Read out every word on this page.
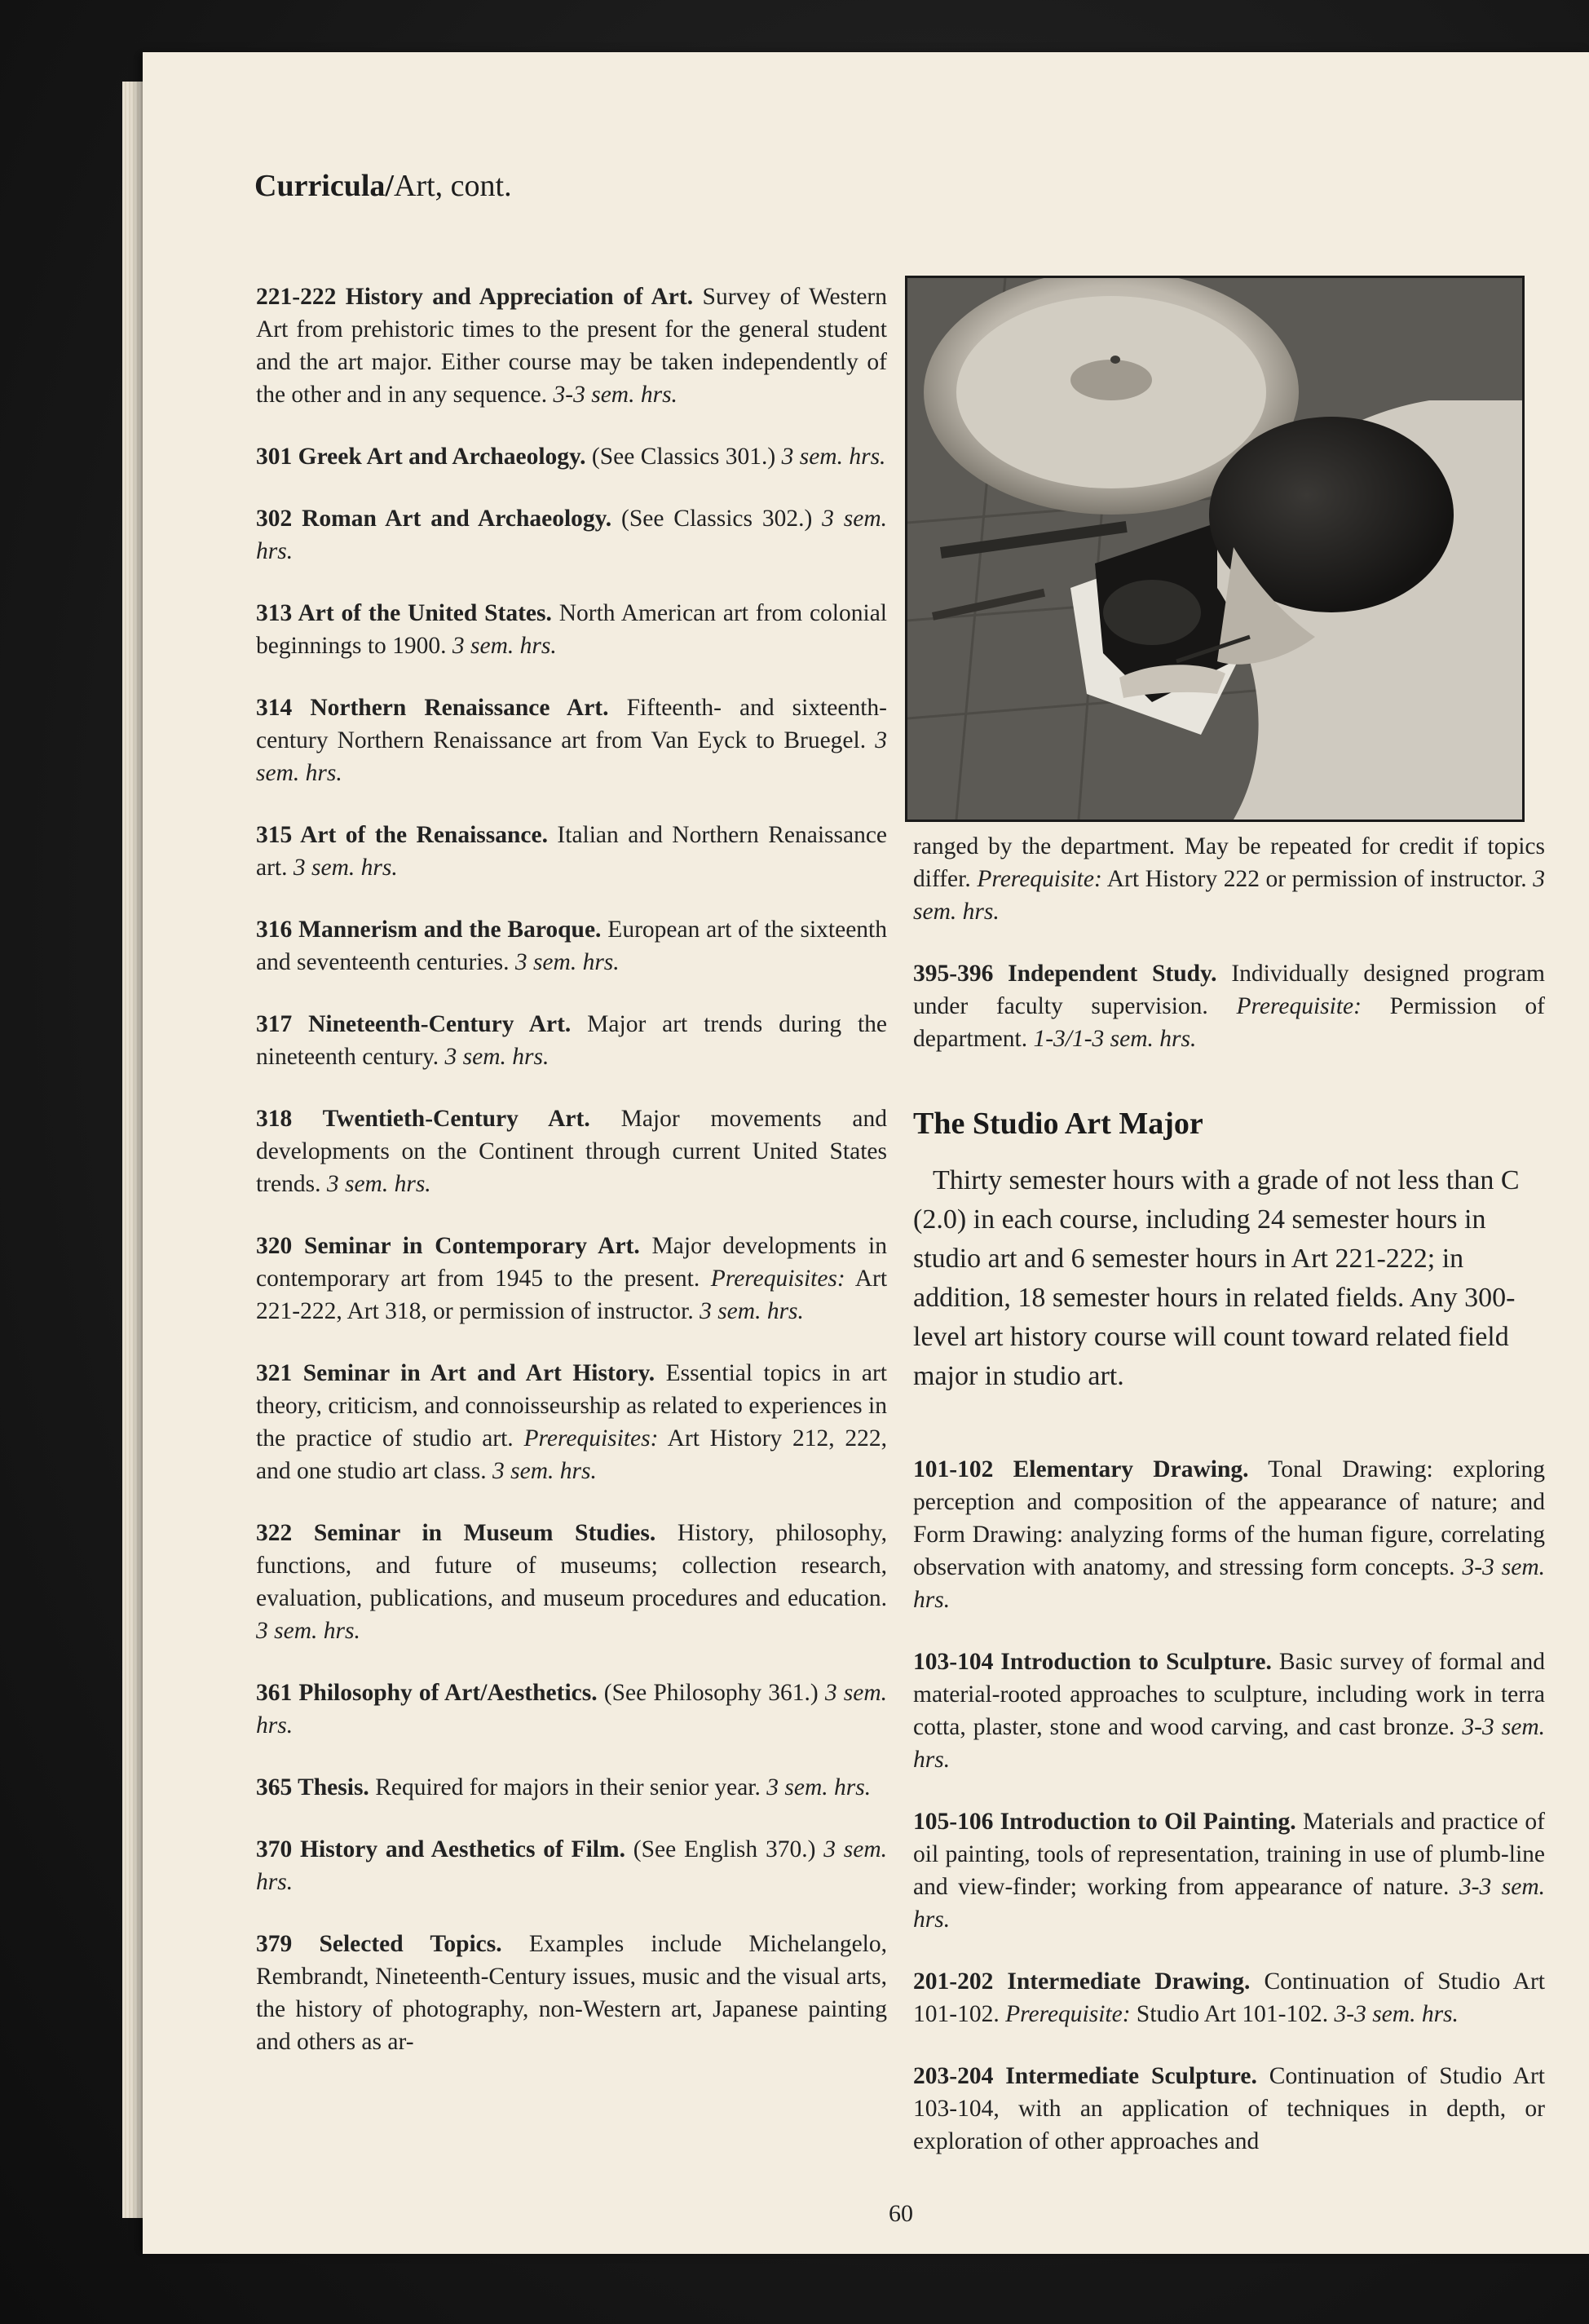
Curricula/Art, cont.

221-222 History and Appreciation of Art. Survey of Western Art from prehistoric times to the present for the general student and the art major. Either course may be taken independently of the other and in any sequence. 3-3 sem. hrs.

301 Greek Art and Archaeology. (See Classics 301.) 3 sem. hrs.

302 Roman Art and Archaeology. (See Classics 302.) 3 sem. hrs.

313 Art of the United States. North American art from colonial beginnings to 1900. 3 sem. hrs.

314 Northern Renaissance Art. Fifteenth- and sixteenth-century Northern Renaissance art from Van Eyck to Bruegel. 3 sem. hrs.

315 Art of the Renaissance. Italian and Northern Renaissance art. 3 sem. hrs.

316 Mannerism and the Baroque. European art of the sixteenth and seventeenth centuries. 3 sem. hrs.

317 Nineteenth-Century Art. Major art trends during the nineteenth century. 3 sem. hrs.

318 Twentieth-Century Art. Major movements and developments on the Continent through current United States trends. 3 sem. hrs.

320 Seminar in Contemporary Art. Major developments in contemporary art from 1945 to the present. Prerequisites: Art 221-222, Art 318, or permission of instructor. 3 sem. hrs.

321 Seminar in Art and Art History. Essential topics in art theory, criticism, and connoisseurship as related to experiences in the practice of studio art. Prerequisites: Art History 212, 222, and one studio art class. 3 sem. hrs.

322 Seminar in Museum Studies. History, philosophy, functions, and future of museums; collection research, evaluation, publications, and museum procedures and education. 3 sem. hrs.

361 Philosophy of Art/Aesthetics. (See Philosophy 361.) 3 sem. hrs.

365 Thesis. Required for majors in their senior year. 3 sem. hrs.

370 History and Aesthetics of Film. (See English 370.) 3 sem. hrs.

379 Selected Topics. Examples include Michelangelo, Rembrandt, Nineteenth-Century issues, music and the visual arts, the history of photography, non-Western art, Japanese painting and others as ar-

ranged by the department. May be repeated for credit if topics differ. Prerequisite: Art History 222 or permission of instructor. 3 sem. hrs.

395-396 Independent Study. Individually designed program under faculty supervision. Prerequisite: Permission of department. 1-3/1-3 sem. hrs.

The Studio Art Major

Thirty semester hours with a grade of not less than C (2.0) in each course, including 24 semester hours in studio art and 6 semester hours in Art 221-222; in addition, 18 semester hours in related fields. Any 300-level art history course will count toward related field major in studio art.

101-102 Elementary Drawing. Tonal Drawing: exploring perception and composition of the appearance of nature; and Form Drawing: analyzing forms of the human figure, correlating observation with anatomy, and stressing form concepts. 3-3 sem. hrs.

103-104 Introduction to Sculpture. Basic survey of formal and material-rooted approaches to sculpture, including work in terra cotta, plaster, stone and wood carving, and cast bronze. 3-3 sem. hrs.

105-106 Introduction to Oil Painting. Materials and practice of oil painting, tools of representation, training in use of plumb-line and view-finder; working from appearance of nature. 3-3 sem. hrs.

201-202 Intermediate Drawing. Continuation of Studio Art 101-102. Prerequisite: Studio Art 101-102. 3-3 sem. hrs.

203-204 Intermediate Sculpture. Continuation of Studio Art 103-104, with an application of techniques in depth, or exploration of other approaches and

60
